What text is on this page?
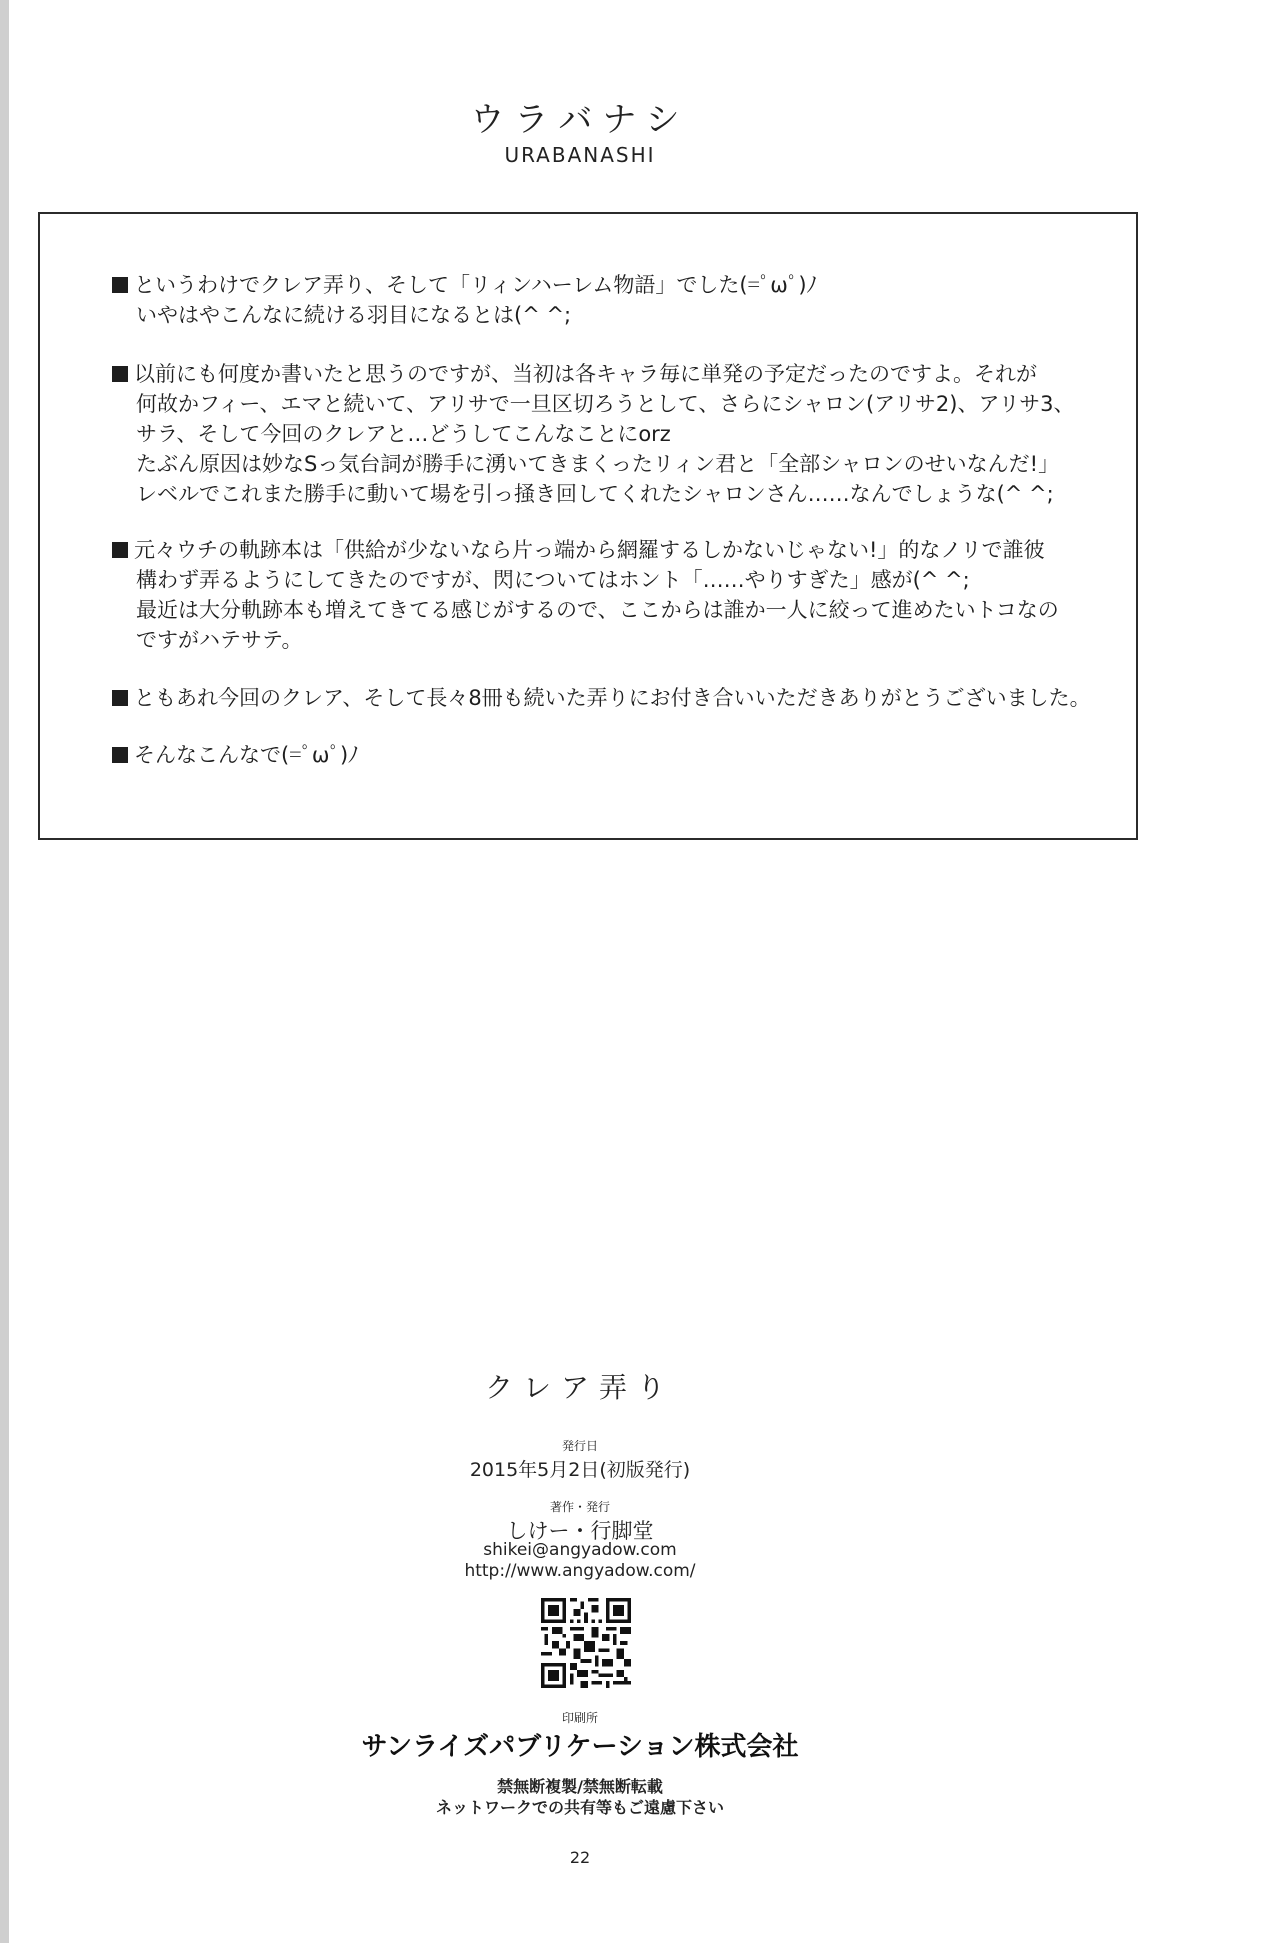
ウラバナシ
URABANASHI
というわけでクレア弄り、そして「リィンハーレム物語」でした(=ﾟωﾟ)ﾉ
いやはやこんなに続ける羽目になるとは(^ ^;
以前にも何度か書いたと思うのですが、当初は各キャラ毎に単発の予定だったのですよ。それが
何故かフィー、エマと続いて、アリサで一旦区切ろうとして、さらにシャロン(アリサ2)、アリサ3、
サラ、そして今回のクレアと…どうしてこんなことにorz
たぶん原因は妙なSっ気台詞が勝手に湧いてきまくったリィン君と「全部シャロンのせいなんだ!」
レベルでこれまた勝手に動いて場を引っ掻き回してくれたシャロンさん……なんでしょうな(^ ^;
元々ウチの軌跡本は「供給が少ないなら片っ端から網羅するしかないじゃない!」的なノリで誰彼
構わず弄るようにしてきたのですが、閃についてはホント「……やりすぎた」感が(^ ^;
最近は大分軌跡本も増えてきてる感じがするので、ここからは誰か一人に絞って進めたいトコなの
ですがハテサテ。
ともあれ今回のクレア、そして長々8冊も続いた弄りにお付き合いいただきありがとうございました。
そんなこんなで(=ﾟωﾟ)ﾉ
クレア弄り
発行日
2015年5月2日(初版発行)
著作・発行
しけー・行脚堂
shikei@angyadow.com
http://www.angyadow.com/
印刷所
サンライズパブリケーション株式会社
禁無断複製/禁無断転載
ネットワークでの共有等もご遠慮下さい
22
